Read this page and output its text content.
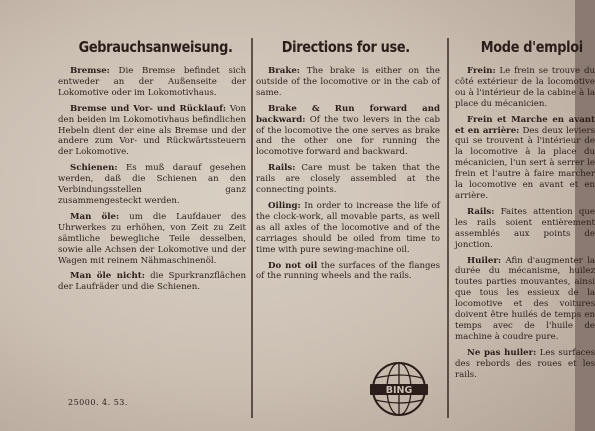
Gebrauchsanweisung.

Bremse: Die Bremse befindet sich entweder an der Außenseite der Lokomotive oder im Lokomotivhaus.

Bremse und Vor- und Rücklauf: Von den beiden im Lokomotivhaus befindlichen Hebeln dient der eine als Bremse und der andere zum Vor- und Rückwärtssteuern der Lokomotive.

Schienen: Es muß darauf gesehen werden, daß die Schienen an den Verbindungsstellen ganz zusammengesteckt werden.

Man öle: um die Laufdauer des Uhrwerkes zu erhöhen, von Zeit zu Zeit sämtliche bewegliche Teile desselben, sowie alle Achsen der Lokomotive und der Wagen mit reinem Nähmaschinenöl.

Man öle nicht: die Spurkranzflächen der Laufräder und die Schienen.

Directions for use.

Brake: The brake is either on the outside of the locomotive or in the cab of same.

Brake & Run forward and backward: Of the two levers in the cab of the locomotive the one serves as brake and the other one for running the locomotive forward and backward.

Rails: Care must be taken that the rails are closely assembled at the connecting points.

Oiling: In order to increase the life of the clock-work, all movable parts, as well as all axles of the locomotive and of the carriages should be oiled from time to time with pure sewing-machine oil.

Do not oil the surfaces of the flanges of the running wheels and the rails.

Mode d'emploi

Frein: Le frein se trouve du côté extérieur de la locomotive ou à l'intérieur de la cabine à la place du mécanicien.

Frein et Marche en avant et en arrière: Des deux leviers qui se trouvent à l'intérieur de la locomotive à la place du mécanicien, l'un sert à serrer le frein et l'autre à faire marcher la locomotive en avant et en arrière.

Rails: Faites attention que les rails soient entièrement assemblés aux points de jonction.

Huiler: Afin d'augmenter la durée du mécanisme, huilez toutes parties mouvantes, ainsi que tous les essieux de la locomotive et des voitures doivent être huilés de temps en temps avec de l'huile de machine à coudre pure.

Ne pas huiler: Les surfaces des rebords des roues et les rails.

25000. 4. 53.
BING
